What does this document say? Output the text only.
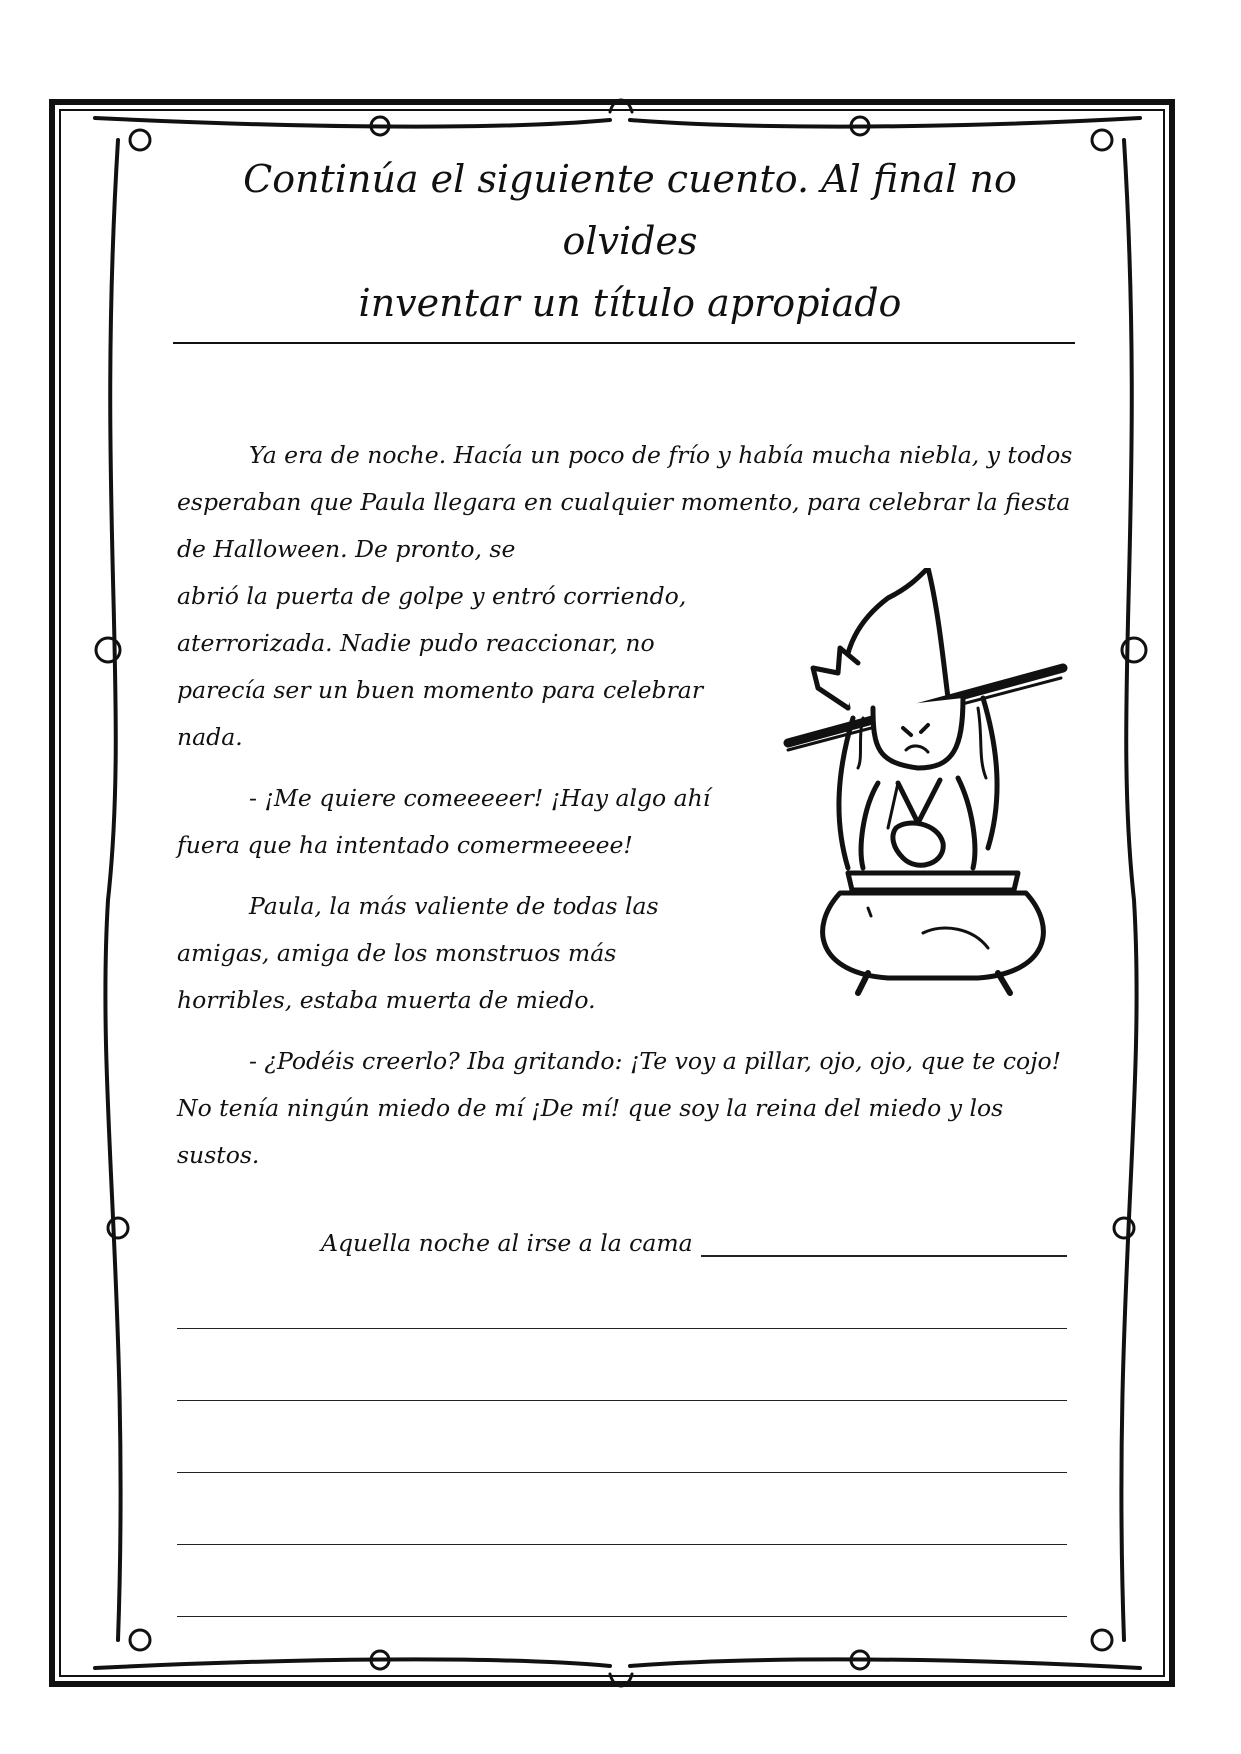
Continúa el siguiente cuento. Al final no olvides
inventar un título apropiado

Ya era de noche. Hacía un poco de frío y había mucha niebla, y todos esperaban que Paula llegara en cualquier momento, para celebrar la fiesta de Halloween. De pronto, se

abrió la puerta de golpe y entró corriendo, aterrorizada. Nadie pudo reaccionar, no parecía ser un buen momento para celebrar nada.

- ¡Me quiere comeeeeer! ¡Hay algo ahí fuera que ha intentado comermeeeee!

Paula, la más valiente de todas las amigas, amiga de los monstruos más horribles, estaba muerta de miedo.

- ¿Podéis creerlo? Iba gritando: ¡Te voy a pillar, ojo, ojo, que te cojo! No tenía ningún miedo de mí ¡De mí! que soy la reina del miedo y los sustos.

Aquella noche al irse a la cama
